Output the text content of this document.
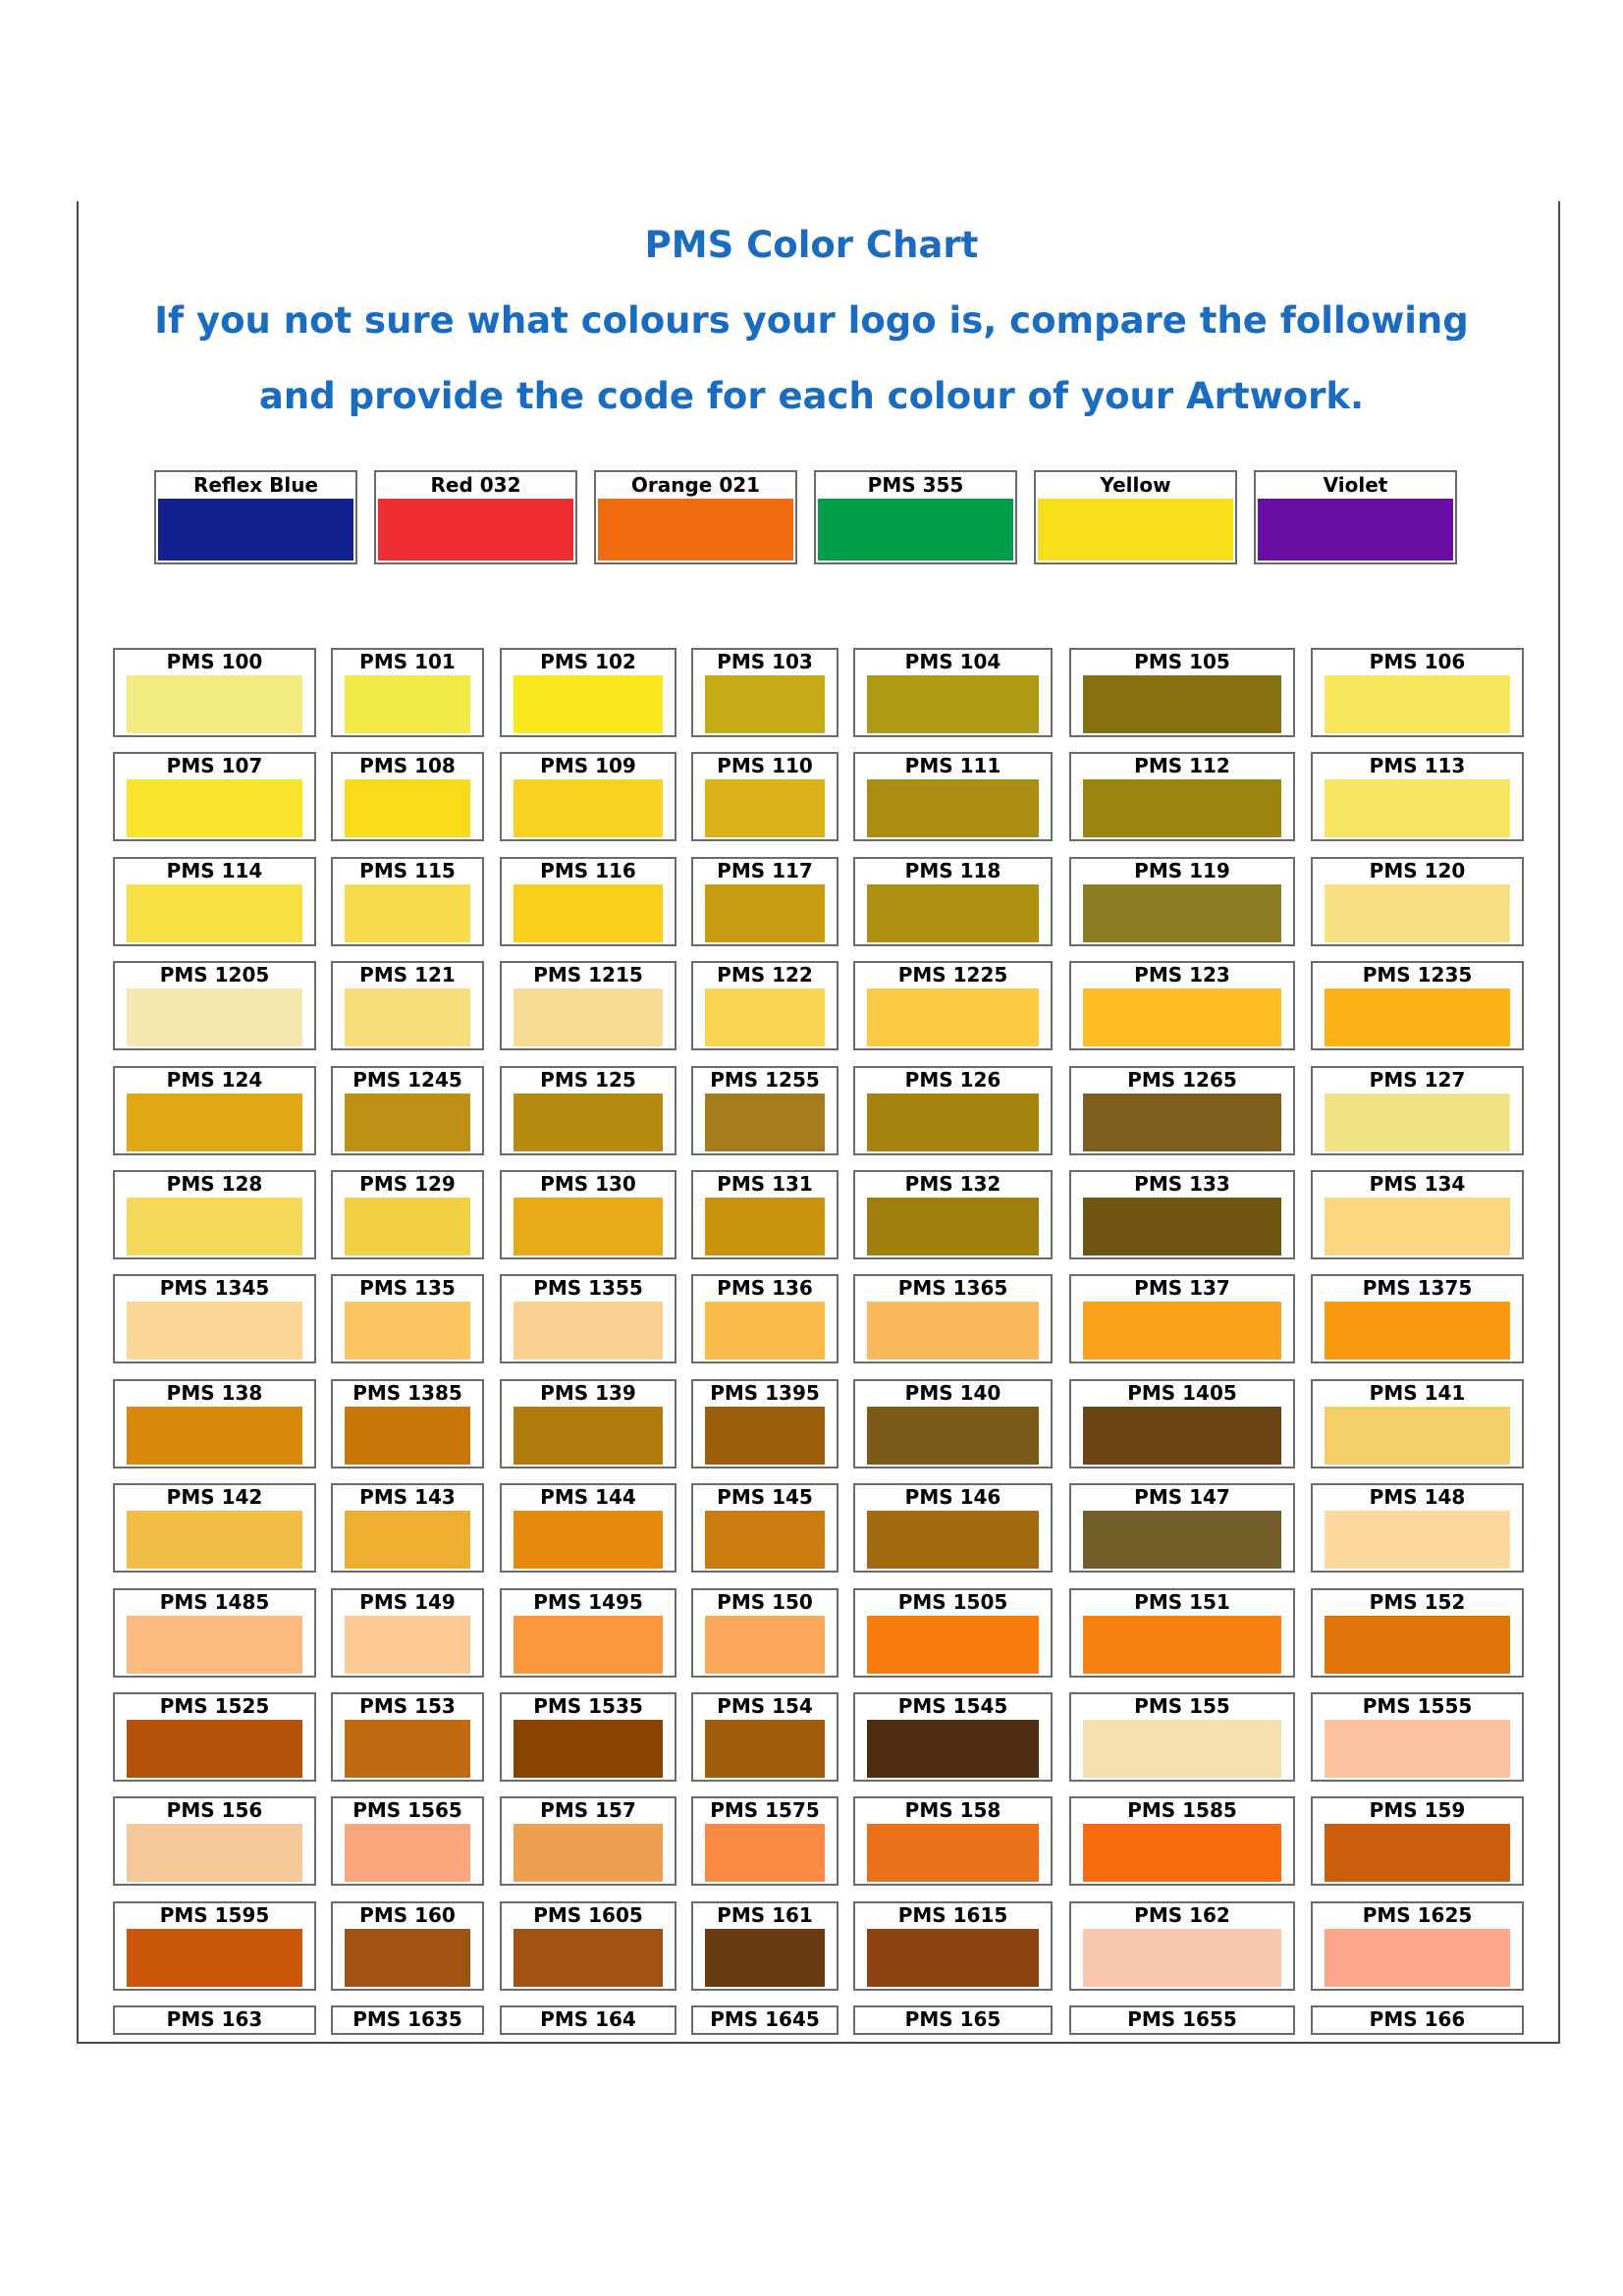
PMS Color Chart
If you not sure what colours your logo is, compare the following
and provide the code for each colour of your Artwork.
Reflex Blue	Red 032	Orange 021	PMS 355	Yellow	Violet
PMS 100	PMS 101	PMS 102	PMS 103	PMS 104	PMS 105	PMS 106
PMS 107	PMS 108	PMS 109	PMS 110	PMS 111	PMS 112	PMS 113
PMS 114	PMS 115	PMS 116	PMS 117	PMS 118	PMS 119	PMS 120
PMS 1205	PMS 121	PMS 1215	PMS 122	PMS 1225	PMS 123	PMS 1235
PMS 124	PMS 1245	PMS 125	PMS 1255	PMS 126	PMS 1265	PMS 127
PMS 128	PMS 129	PMS 130	PMS 131	PMS 132	PMS 133	PMS 134
PMS 1345	PMS 135	PMS 1355	PMS 136	PMS 1365	PMS 137	PMS 1375
PMS 138	PMS 1385	PMS 139	PMS 1395	PMS 140	PMS 1405	PMS 141
PMS 142	PMS 143	PMS 144	PMS 145	PMS 146	PMS 147	PMS 148
PMS 1485	PMS 149	PMS 1495	PMS 150	PMS 1505	PMS 151	PMS 152
PMS 1525	PMS 153	PMS 1535	PMS 154	PMS 1545	PMS 155	PMS 1555
PMS 156	PMS 1565	PMS 157	PMS 1575	PMS 158	PMS 1585	PMS 159
PMS 1595	PMS 160	PMS 1605	PMS 161	PMS 1615	PMS 162	PMS 1625
PMS 163	PMS 1635	PMS 164	PMS 1645	PMS 165	PMS 1655	PMS 166
